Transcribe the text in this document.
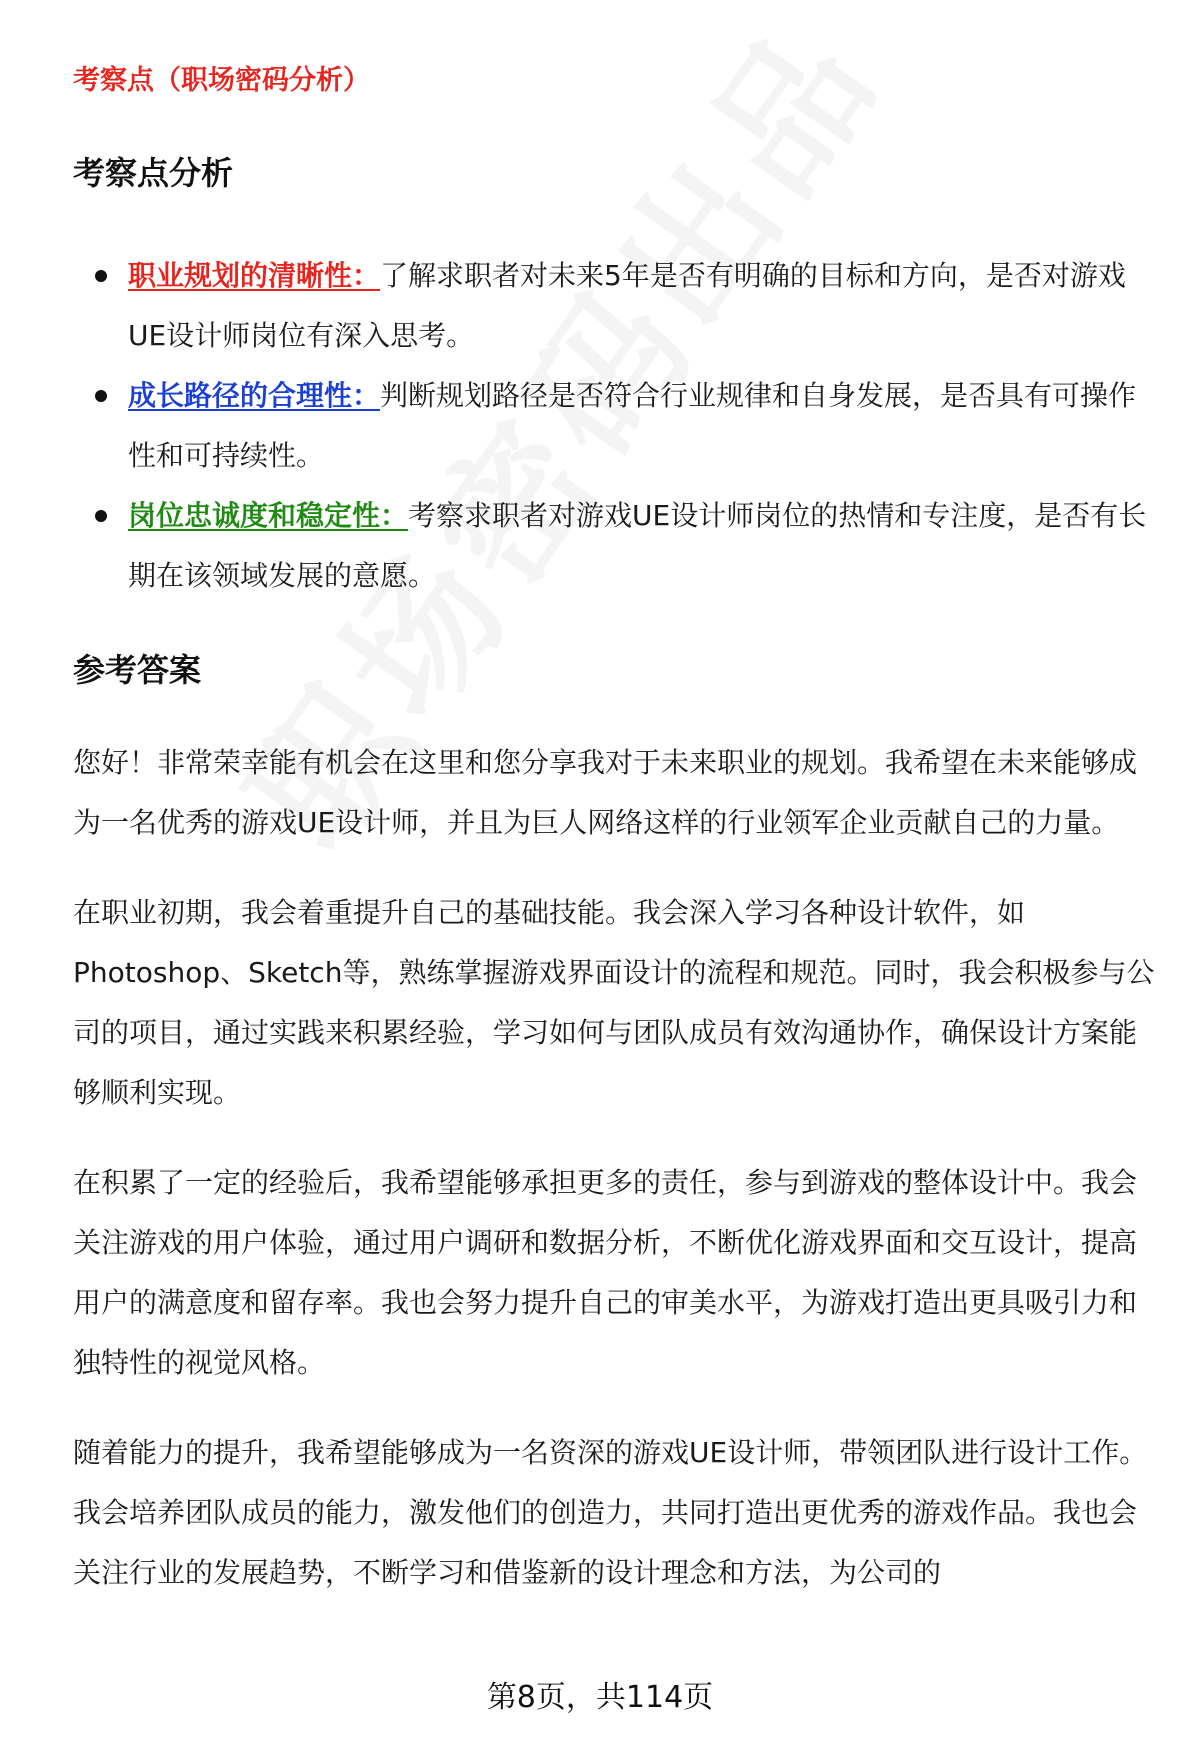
考察点（职场密码分析）
考察点分析
职业规划的清晰性：了解求职者对未来5年是否有明确的目标和方向，是否对游戏UE设计师岗位有深入思考。
成长路径的合理性：判断规划路径是否符合行业规律和自身发展，是否具有可操作性和可持续性。
岗位忠诚度和稳定性：考察求职者对游戏UE设计师岗位的热情和专注度，是否有长期在该领域发展的意愿。
参考答案

您好！非常荣幸能有机会在这里和您分享我对于未来职业的规划。我希望在未来能够成为一名优秀的游戏UE设计师，并且为巨人网络这样的行业领军企业贡献自己的力量。

在职业初期，我会着重提升自己的基础技能。我会深入学习各种设计软件，如Photoshop、Sketch等，熟练掌握游戏界面设计的流程和规范。同时，我会积极参与公司的项目，通过实践来积累经验，学习如何与团队成员有效沟通协作，确保设计方案能够顺利实现。

在积累了一定的经验后，我希望能够承担更多的责任，参与到游戏的整体设计中。我会关注游戏的用户体验，通过用户调研和数据分析，不断优化游戏界面和交互设计，提高用户的满意度和留存率。我也会努力提升自己的审美水平，为游戏打造出更具吸引力和独特性的视觉风格。

随着能力的提升，我希望能够成为一名资深的游戏UE设计师，带领团队进行设计工作。我会培养团队成员的能力，激发他们的创造力，共同打造出更优秀的游戏作品。我也会关注行业的发展趋势，不断学习和借鉴新的设计理念和方法，为公司的

第8页，共114页
